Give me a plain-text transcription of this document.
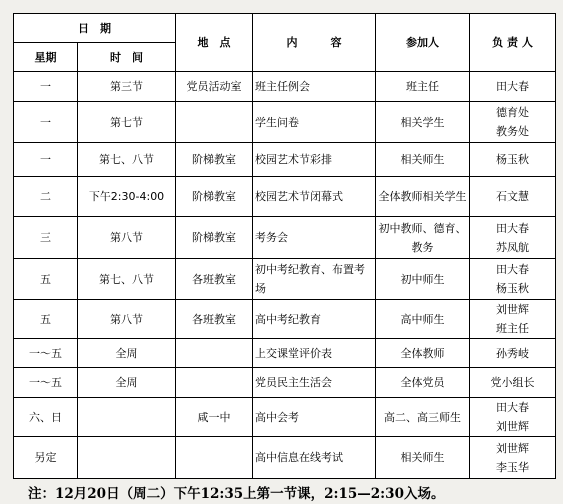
日　期		地　点	内　　　容	参加人	负 责 人
星期	时　间				
一	第三节	党员活动室	班主任例会	班主任	田大春

一	第七节		学生问卷	相关学生	德育处
教务处

一	第七、八节	阶梯教室	校园艺术节彩排	相关师生	杨玉秋

二	下午2:30-4:00	阶梯教室	校园艺术节闭幕式	全体教师相关学生	石文慧

三	第八节	阶梯教室	考务会	初中教师、德育、教务	田大春
苏凤航

五	第七、八节	各班教室	初中考纪教育、布置考场	初中师生	田大春
杨玉秋

五	第八节	各班教室	高中考纪教育	高中师生	刘世辉
班主任

一～五	全周		上交课堂评价表	全体教师	孙秀岐

一～五	全周		党员民主生活会	全体党员	党小组长

六、日		咸一中	高中会考	高二、高三师生	田大春
刘世辉

另定			高中信息在线考试	相关师生	刘世辉
李玉华
注：12月20日（周二）下午12:35上第一节课，2:15—2:30入场。
